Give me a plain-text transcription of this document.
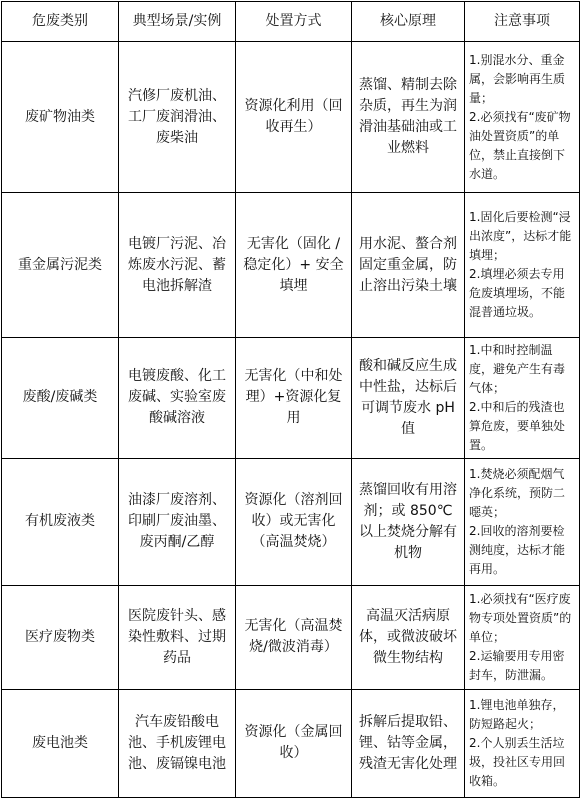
危废类别	典型场景/实例	处置方式	核心原理	注意事项
废矿物油类	汽修厂废机油、工厂废润滑油、废柴油	资源化利用（回收再生）	蒸馏、精制去除杂质，再生为润滑油基础油或工业燃料	1.别混水分、重金属，会影响再生质量；
2.必须找有“废矿物油处置资质”的单位，禁止直接倒下水道。

重金属污泥类	电镀厂污泥、冶炼废水污泥、蓄电池拆解渣	无害化（固化 / 稳定化）+ 安全填埋	用水泥、螯合剂固定重金属，防止溶出污染土壤	1.固化后要检测“浸出浓度”，达标才能填埋；
2.填埋必须去专用危废填埋场，不能混普通垃圾。

废酸/废碱类	电镀废酸、化工废碱、实验室废酸碱溶液	无害化（中和处理）+资源化复用	酸和碱反应生成中性盐，达标后可调节废水 pH 值	1.中和时控制温度，避免产生有毒气体；
2.中和后的残渣也算危废，要单独处置。

有机废液类	油漆厂废溶剂、印刷厂废油墨、废丙酮/乙醇	资源化（溶剂回收）或无害化（高温焚烧）	蒸馏回收有用溶剂；或 850℃以上焚烧分解有机物	1.焚烧必须配烟气净化系统，预防二噁英；
2.回收的溶剂要检测纯度，达标才能再用。

医疗废物类	医院废针头、感染性敷料、过期药品	无害化（高温焚烧/微波消毒）	高温灭活病原体，或微波破坏微生物结构	1.必须找有“医疗废物专项处置资质”的单位；
2.运输要用专用密封车，防泄漏。

废电池类	汽车废铅酸电池、手机废锂电池、废镉镍电池	资源化（金属回收）	拆解后提取铅、锂、钴等金属，残渣无害化处理	1.锂电池单独存，防短路起火；
2.个人别丢生活垃圾，投社区专用回收箱。
